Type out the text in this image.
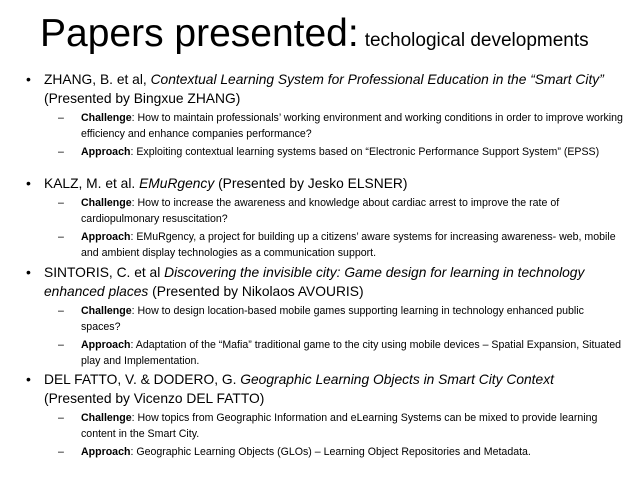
Papers presented: techological developments
• ZHANG, B. et al, Contextual Learning System for Professional Education in the “Smart City” (Presented by Bingxue ZHANG)
– Challenge: How to maintain professionals’ working environment and working conditions in order to improve working efficiency and enhance companies performance?
– Approach: Exploiting contextual learning systems based on “Electronic Performance Support System” (EPSS)
• KALZ, M. et al. EMuRgency (Presented by Jesko ELSNER)
– Challenge: How to increase the awareness and knowledge about cardiac arrest to improve the rate of cardiopulmonary resuscitation?
– Approach: EMuRgency, a project for building up a citizens’ aware systems for increasing awareness- web, mobile and ambient display technologies as a communication support.
• SINTORIS, C. et al Discovering the invisible city: Game design for learning in technology enhanced places (Presented by Nikolaos AVOURIS)
– Challenge: How to design location-based mobile games supporting learning in technology enhanced public spaces?
– Approach: Adaptation of the “Mafia” traditional game to the city using mobile devices – Spatial Expansion, Situated play and Implementation.
• DEL FATTO, V. & DODERO, G. Geographic Learning Objects in Smart City Context (Presented by Vicenzo DEL FATTO)
– Challenge: How topics from Geographic Information and eLearning Systems can be mixed to provide learning content in the Smart City.
– Approach: Geographic Learning Objects (GLOs) – Learning Object Repositories and Metadata.
